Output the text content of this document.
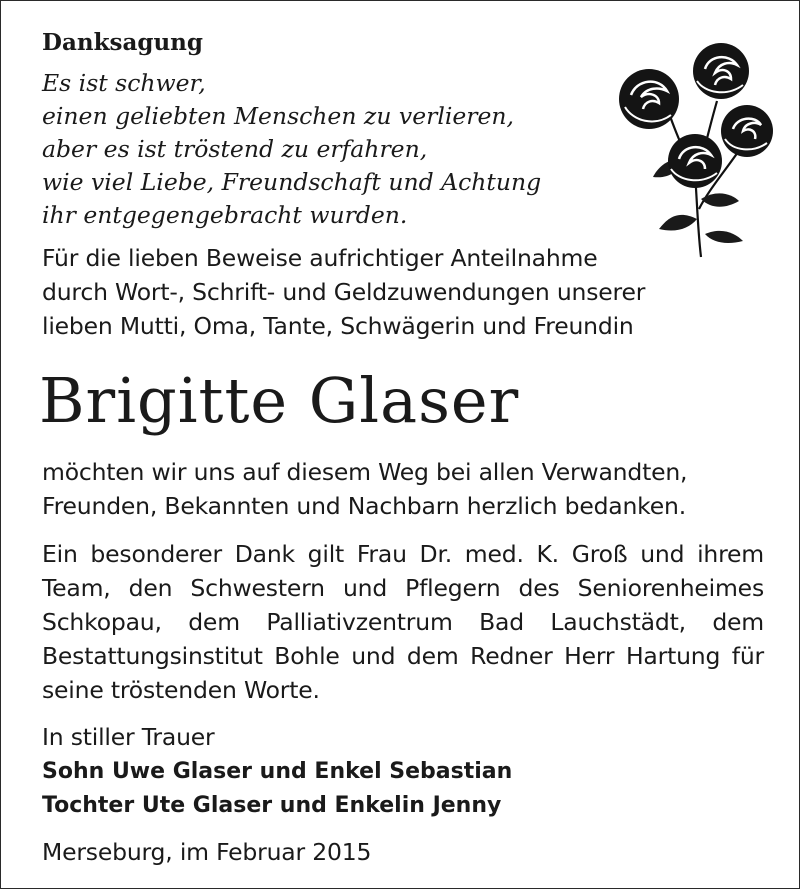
Danksagung
Es ist schwer,
einen geliebten Menschen zu verlieren,
aber es ist tröstend zu erfahren,
wie viel Liebe, Freundschaft und Achtung
ihr entgegengebracht wurden.
Für die lieben Beweise aufrichtiger Anteilnahme
durch Wort-, Schrift- und Geldzuwendungen unserer
lieben Mutti, Oma, Tante, Schwägerin und Freundin
Brigitte Glaser
möchten wir uns auf diesem Weg bei allen Verwandten,
Freunden, Bekannten und Nachbarn herzlich bedanken.
Ein besonderer Dank gilt Frau Dr. med. K. Groß und ihrem
Team, den Schwestern und Pflegern des Seniorenheimes
Schkopau, dem Palliativzentrum Bad Lauchstädt, dem
Bestattungsinstitut Bohle und dem Redner Herr Hartung für
seine tröstenden Worte.
In stiller Trauer
Sohn Uwe Glaser und Enkel Sebastian
Tochter Ute Glaser und Enkelin Jenny
Merseburg, im Februar 2015
